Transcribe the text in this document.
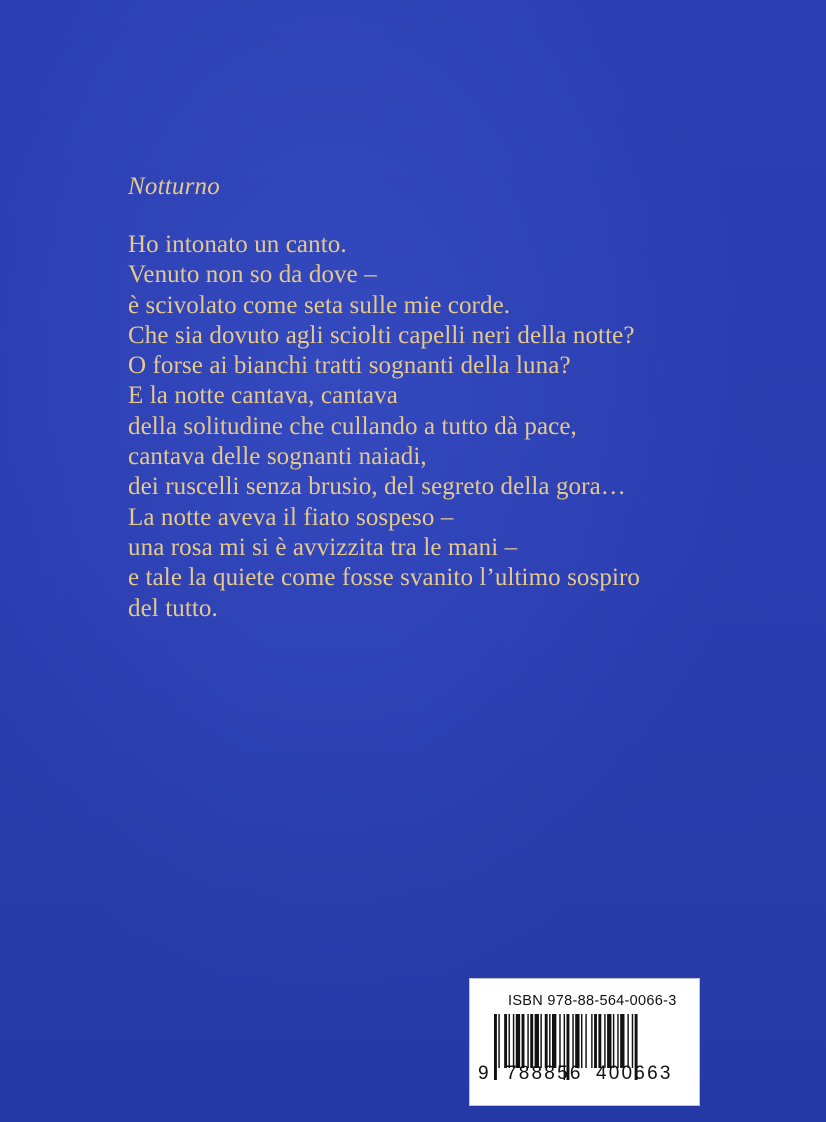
Notturno
Ho intonato un canto.
Venuto non so da dove –
è scivolato come seta sulle mie corde.
Che sia dovuto agli sciolti capelli neri della notte?
O forse ai bianchi tratti sognanti della luna?
E la notte cantava, cantava
della solitudine che cullando a tutto dà pace,
cantava delle sognanti naiadi,
dei ruscelli senza brusio, del segreto della gora…
La notte aveva il fiato sospeso –
una rosa mi si è avvizzita tra le mani –
e tale la quiete come fosse svanito l’ultimo sospiro
del tutto.
ISBN 978-88-564-0066-3
9 788856 400663
